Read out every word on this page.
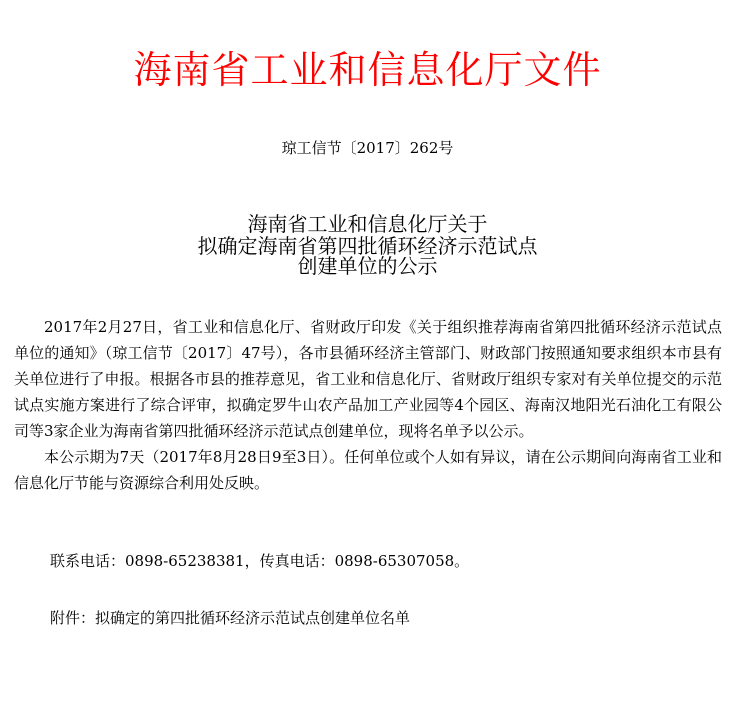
海南省工业和信息化厅文件
琼工信节〔2017〕262号
海南省工业和信息化厅关于
拟确定海南省第四批循环经济示范试点
创建单位的公示

2017年2月27日，省工业和信息化厅、省财政厅印发《关于组织推荐海南省第四批循环经济示范试点单位的通知》（琼工信节〔2017〕47号），各市县循环经济主管部门、财政部门按照通知要求组织本市县有关单位进行了申报。根据各市县的推荐意见，省工业和信息化厅、省财政厅组织专家对有关单位提交的示范试点实施方案进行了综合评审，拟确定罗牛山农产品加工产业园等4个园区、海南汉地阳光石油化工有限公司等3家企业为海南省第四批循环经济示范试点创建单位，现将名单予以公示。

本公示期为7天（2017年8月28日9至3日）。任何单位或个人如有异议，请在公示期间向海南省工业和信息化厅节能与资源综合利用处反映。

联系电话：0898-65238381，传真电话：0898-65307058。
附件：拟确定的第四批循环经济示范试点创建单位名单
